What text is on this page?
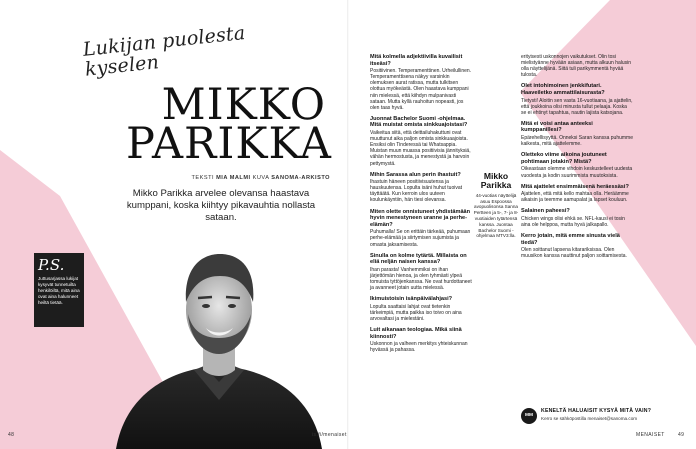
Lukijan puolesta kyselen
MIKKO
PARIKKA
TEKSTI MIA MALMI KUVA SANOMA-ARKISTO
Mikko Parikka arvelee olevansa haastava kumppani, koska kiihtyy pikavauhtia nollasta sataan.
P.S.
Juttusarjassa lukijat kysyvät tunnetuilta henkilöiltä, mitä aina ovat aina halunneet heiltä tietää.

Mitä kolmella adjektiivilla kuvailisit itseäsi?
Positiivinen. Temperamenttinen. Urheilullinen. Temperamenttisena näkyy varsinkin olemuksen aurat ratissa, mutta tulkitsen olottua myökeästä. Olen haastava kumppani niin mielessä, että kiihdyn mulpanivasti sataan. Mutta kyllä rauhoitun nopeasti, jos olen taas hyvä.

Juonnat Bachelor Suomi -ohjelmaa. Mitä muistat omista sinkkuajoistasi?
Vaikeitua siitä, että deittailuhakuttuni ovat muuttunut aika paljon omista sinkkuaajoista. Ensiksi olin Tinderessä tai Whatsappia. Muistan muun muassa positiivisia jännityksiä, vähän hermostusta, ja menestystä ja harvoin pettymystä.

Mihin Sarassa alun perin ihastuit?
Ihastuin häneen positiivisuutensa ja hauskuutensa. Lopulta isäni huhut tuoivat täyttäätä. Kun kerroin ulos uuteen koulunkäyntiin, hän tiesi olevansa.

Miten olette onnistuneet yhdistämään hyvin menestyneen uranne ja perhe-elämän?
Puhumalla! Se on erittäin tärkeää, puhumaan perhe-elämää ja siirtymisen sujumista ja omasta jaksamisesta.

Sinulla on kolme tytärtä. Millaista on eliä neljän naisen kanssa?
Ihan parasta! Vanhemmiksi on ihan järjettömän hienoa, ja olen tyhmästi ylpeä tomuista tyttöjenkanssa. Ne ovat hurdottaneet ja avanneet jotain uutta mielessä.

Ikimuistoisin isänpäivälahjasi?
Lopulta saattaisi lahjat ovat tietenkin tärkeimpiä, mutta paikka iso toivo on aina arvovaltasi ja mielestäni.

Luit aikanaan teologiaa. Mikä siinä kiinnosti?
Uskonnon ja valheen merkitys yhteiskunnan hyvässä ja pahassa.

Mikko
Parikka
44-vuotias näyttelijä asuu Espoossa avopuolisonsa Sanna Pertteen ja 5-, 7- ja 8-vuotiaiden tytärtensä kanssa. Juontaa Bachelor Suomi -ohjelmaa MTV3:lla.

erityisesti uskonnojen vaikutukset. Olin tosi mielistyänne hyvään asiaan, mutta alkuun halusin olla näyttelijänä. Siitä tuli parikymmentä hyvää tulosta.

Olet intohimoinen jenkkifutari. Haaveiletko ammattilaisurasta?
Tietysti! Aloitin sen vasta 16-vuotiaana, ja ajattelin, että joukkoina olisi minusta tullut pelaaja. Koska se ei ehtinyt tapahtua, nautin lajista katsojana.

Mitä ei voisi antaa anteeksi kumppanillesi?
Epärehellisyyttä. Onneksi Saran kanssa puhumme kaikesta, mitä ajattelemme.

Oletteko viime aikoina joutuneet pohtimaan jotakin? Mistä?
Oikeastaan olemme vihdoin keskustelleet uudesta vuodesta ja kodin suurimmista muutoksista.

Mitä ajattelet ensimmäisenä heräessäsi?
Ajattelen, että mitä kello mahtaa olla. Heräämme aikaisin ja teemme aamupalat ja lapset kouluun.

Salainen paheesi?
Chicken wings olisi ehkä se. NFL-kausi ei tosin aina ole helppoa, mutta hyvä jalkapallo.

Kerro jotain, mitä emme sinusta vielä tiedä?
Olen soittanut lapsena kitarariksissa. Olen muusikon kanssa nauttinut paljon soittamisesta.

MM
KENELTÄ HALUAISIT KYSYÄ MITÄ VAIN?
Kerro se sähköpostilla menaiset@sanoma.com
48	is.fi/menaiset	MENAISET	49
